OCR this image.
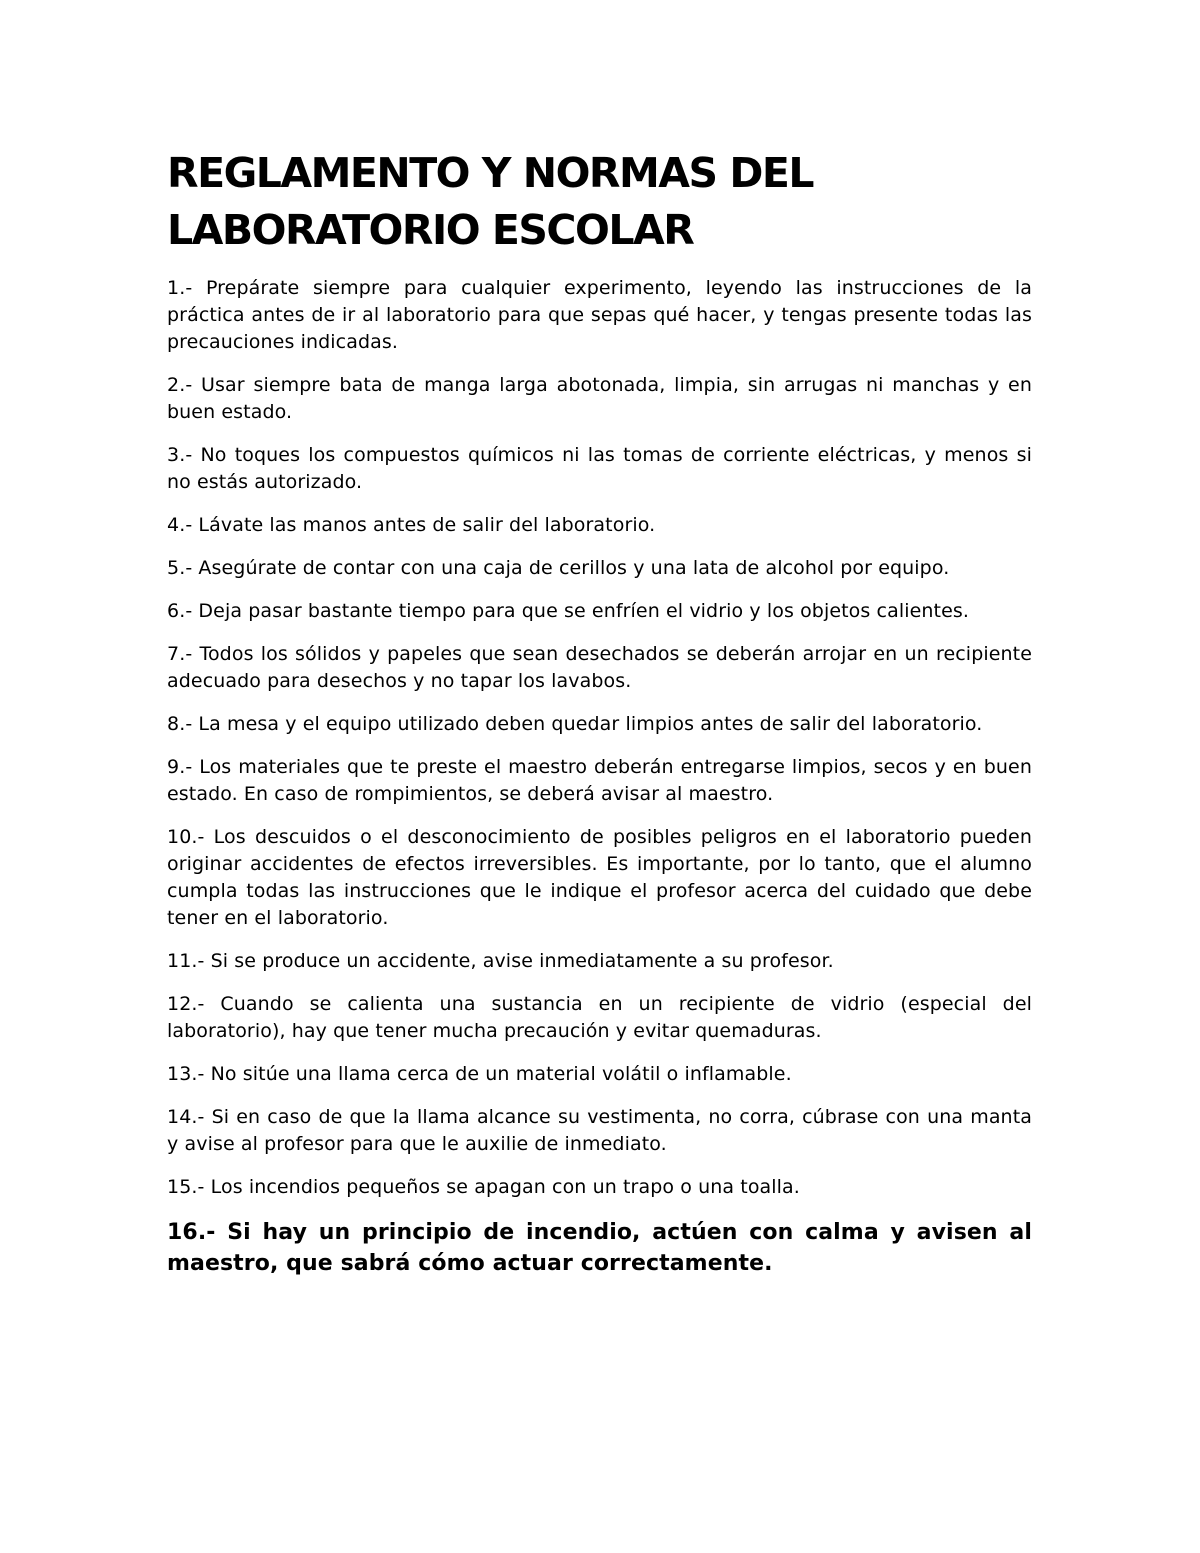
REGLAMENTO Y NORMAS DEL
LABORATORIO ESCOLAR

1.- Prepárate siempre para cualquier experimento, leyendo las instrucciones de la práctica antes de ir al laboratorio para que sepas qué hacer, y tengas presente todas las precauciones indicadas.

2.- Usar siempre bata de manga larga abotonada, limpia, sin arrugas ni manchas y en buen estado.

3.- No toques los compuestos químicos ni las tomas de corriente eléctricas, y menos si no estás autorizado.

4.- Lávate las manos antes de salir del laboratorio.

5.- Asegúrate de contar con una caja de cerillos y una lata de alcohol por equipo.

6.- Deja pasar bastante tiempo para que se enfríen el vidrio y los objetos calientes.

7.- Todos los sólidos y papeles que sean desechados se deberán arrojar en un recipiente adecuado para desechos y no tapar los lavabos.

8.- La mesa y el equipo utilizado deben quedar limpios antes de salir del laboratorio.

9.- Los materiales que te preste el maestro deberán entregarse limpios, secos y en buen estado. En caso de rompimientos, se deberá avisar al maestro.

10.- Los descuidos o el desconocimiento de posibles peligros en el laboratorio pueden originar accidentes de efectos irreversibles. Es importante, por lo tanto, que el alumno cumpla todas las instrucciones que le indique el profesor acerca del cuidado que debe tener en el laboratorio.

11.- Si se produce un accidente, avise inmediatamente a su profesor.

12.- Cuando se calienta una sustancia en un recipiente de vidrio (especial del laboratorio), hay que tener mucha precaución y evitar quemaduras.

13.- No sitúe una llama cerca de un material volátil o inflamable.

14.- Si en caso de que la llama alcance su vestimenta, no corra, cúbrase con una manta y avise al profesor para que le auxilie de inmediato.

15.- Los incendios pequeños se apagan con un trapo o una toalla.

16.- Si hay un principio de incendio, actúen con calma y avisen al maestro, que sabrá cómo actuar correctamente.
